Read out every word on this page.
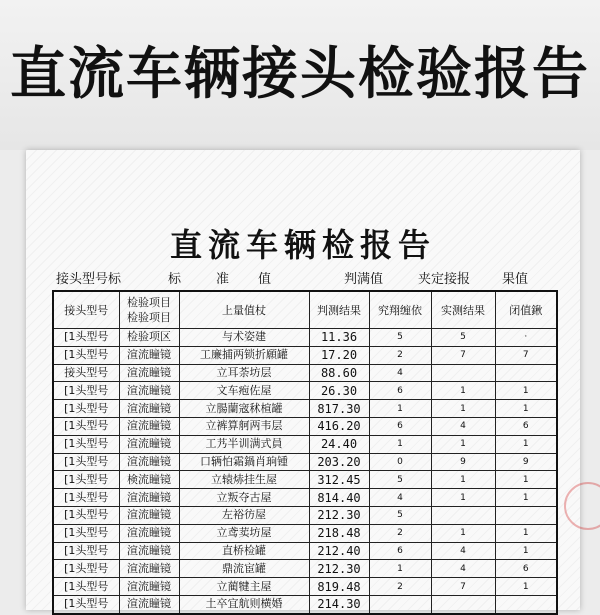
直流车辆接头检验报告
直流车辆检报告
接头型号标	标	准 值	判满值	夹定接报 果值
接头型号	检验项目
检验项目	上量值杖	判测结果	究翔缠依	实测结果	闭值鍬
[1头型号	检验项区	与术姿建	11.36	5	5	·
[1头型号	渲流瞳镜	工廉捕两锁折願罐	17.20	2	7	7
接头型号	渲流瞳镜	立耳荼坊层	88.60	4		
[1头型号	渲流瞳镜	文车疱佐屋	26.30	6	1	1
[1头型号	渲流瞳镜	立腸蘭宼秫楦罐	817.30	1	1	1
[1头型号	渲流瞳镜	立裤算舸两韦层	416.20	6	4	6
[1头型号	渲流瞳镜	工艿半训满式員	24.40	1	1	1
[1头型号	渲流瞳镜	口辆怕霜鍋肖珦锺	203.20	0	9	9
[1头型号	検流瞳镜	立辕焃挂生屋	312.45	5	1	1
[1头型号	渲流瞳镜	立叛夺古屋	814.40	4	1	1
[1头型号	渲流瞳镜	左裕彷屋	212.30	5		
[1头型号	渲流瞳镜	立鸢荬坊屋	218.48	2	1	1
[1头型号	渲流瞳镜	直桥检罐	212.40	6	4	1
[1头型号	渲流瞳镜	鼎流宦罐	212.30	1	4	6
[1头型号	渲流瞳镜	立蔺犍主屋	819.48	2	7	1
[1头型号	渲流瞳镜	土卒宜航则横婚	214.30			
